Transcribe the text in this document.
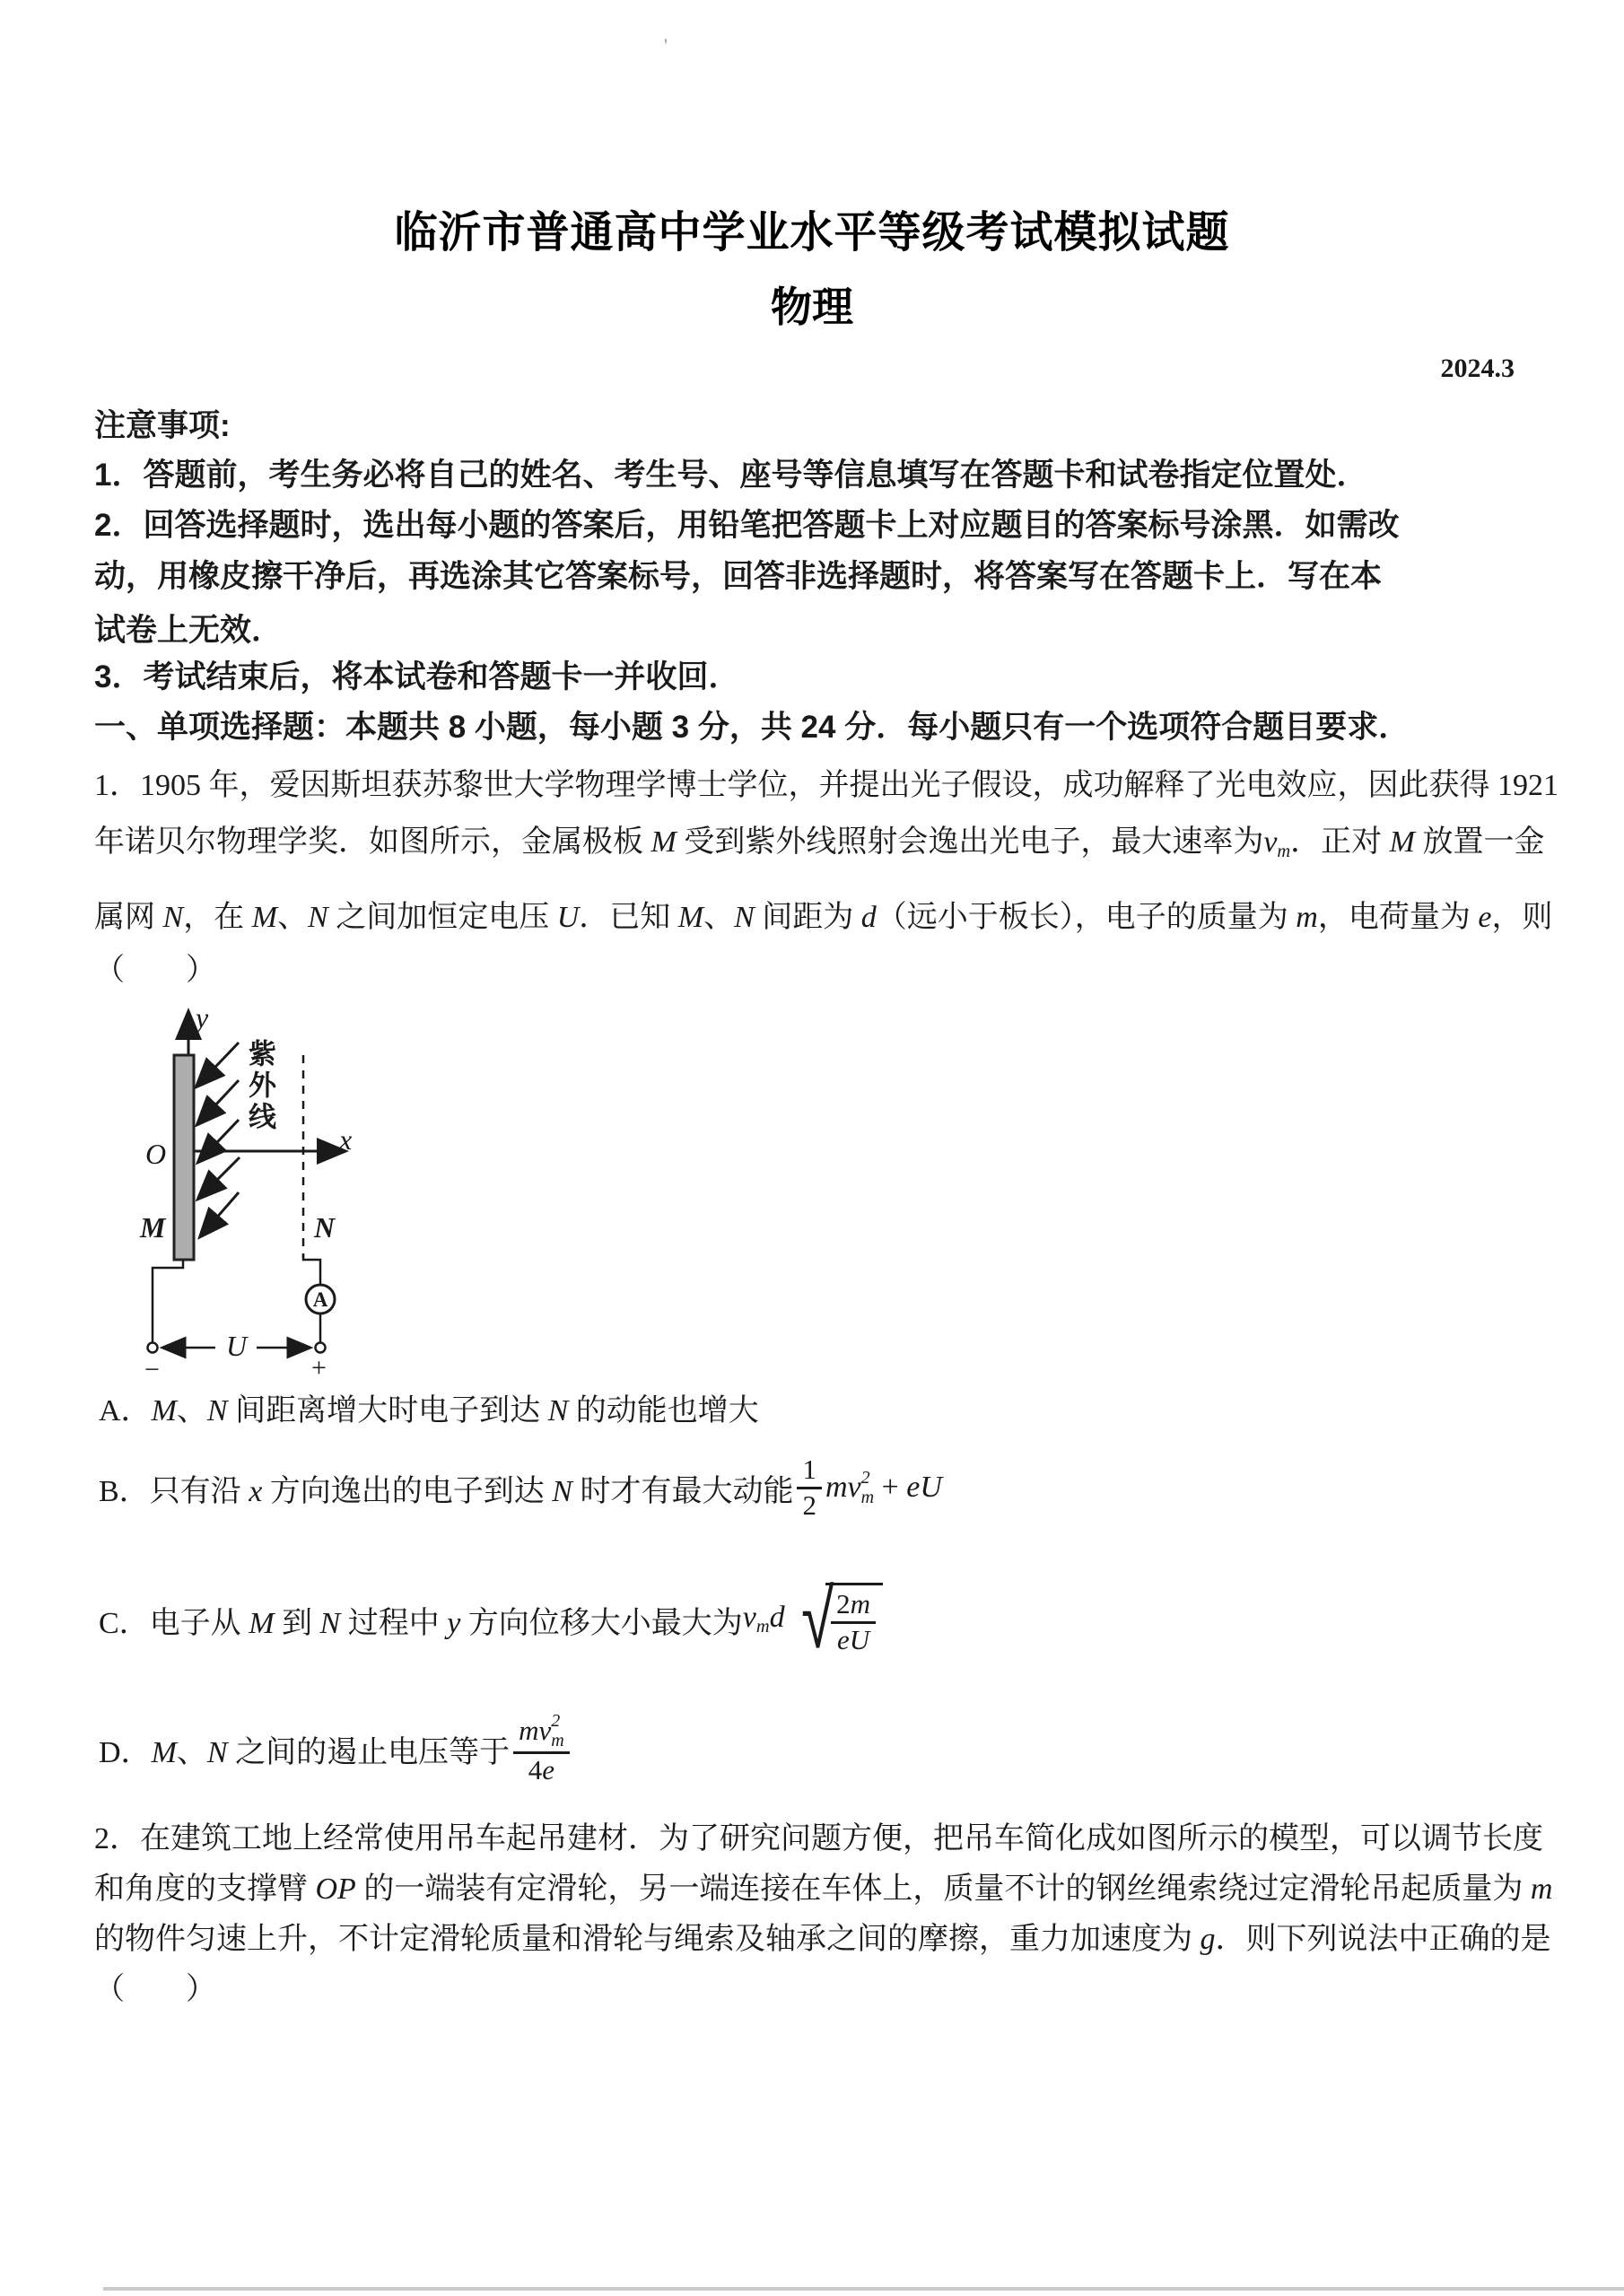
'
临沂市普通高中学业水平等级考试模拟试题
物理
2024.3
注意事项:
1．答题前，考生务必将自己的姓名、考生号、座号等信息填写在答题卡和试卷指定位置处．
2．回答选择题时，选出每小题的答案后，用铅笔把答题卡上对应题目的答案标号涂黑．如需改
动，用橡皮擦干净后，再选涂其它答案标号，回答非选择题时，将答案写在答题卡上．写在本
试卷上无效．
3．考试结束后，将本试卷和答题卡一并收回．
一、单项选择题：本题共 8 小题，每小题 3 分，共 24 分．每小题只有一个选项符合题目要求．
1．1905 年，爱因斯坦获苏黎世大学物理学博士学位，并提出光子假设，成功解释了光电效应，因此获得 1921
年诺贝尔物理学奖．如图所示，金属极板 M 受到紫外线照射会逸出光电子，最大速率为vm．正对 M 放置一金
属网 N，在 M、N 之间加恒定电压 U．已知 M、N 间距为 d（远小于板长），电子的质量为 m，电荷量为 e，则
（　　）
y
x
O
M	N
紫外线
A
U
−	+
A． M、N 间距离增大时电子到达 N 的动能也增大
B． 只有沿 x 方向逸出的电子到达 N 时才有最大动能 $\frac{1}{2}$ mv 2
m + eU
C． 电子从 M 到 N 过程中 y 方向位移大小最大为 vmd √
$\frac{2 m}{eU}$
D． M、N 之间的遏止电压等于 mv 2
m
4 e
2．在建筑工地上经常使用吊车起吊建材．为了研究问题方便，把吊车简化成如图所示的模型，可以调节长度
和角度的支撑臂 OP 的一端装有定滑轮，另一端连接在车体上，质量不计的钢丝绳索绕过定滑轮吊起质量为 m
的物件匀速上升，不计定滑轮质量和滑轮与绳索及轴承之间的摩擦，重力加速度为 g．则下列说法中正确的是
（　　）
